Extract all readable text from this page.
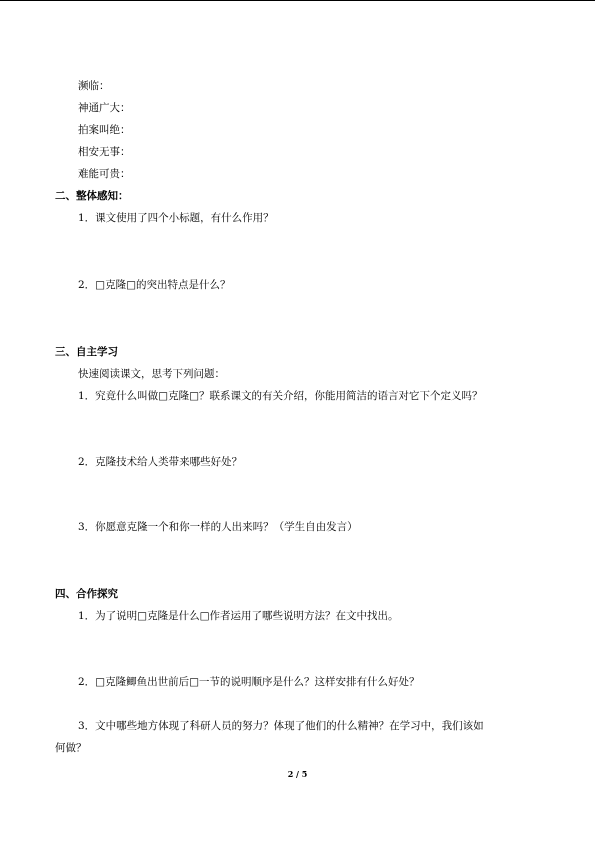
濒临：
神通广大：
拍案叫绝：
相安无事：
难能可贵：
二、整体感知：
1．课文使用了四个小标题，有什么作用？
2．□克隆□的突出特点是什么？
三、自主学习
快速阅读课文，思考下列问题：
1．究竟什么叫做□克隆□？联系课文的有关介绍，你能用简洁的语言对它下个定义吗？
2．克隆技术给人类带来哪些好处？
3．你愿意克隆一个和你一样的人出来吗？（学生自由发言）
四、合作探究
1．为了说明□克隆是什么□作者运用了哪些说明方法？在文中找出。
2．□克隆鲫鱼出世前后□一节的说明顺序是什么？这样安排有什么好处？
3．文中哪些地方体现了科研人员的努力？体现了他们的什么精神？在学习中，我们该如
何做？
2 / 5
